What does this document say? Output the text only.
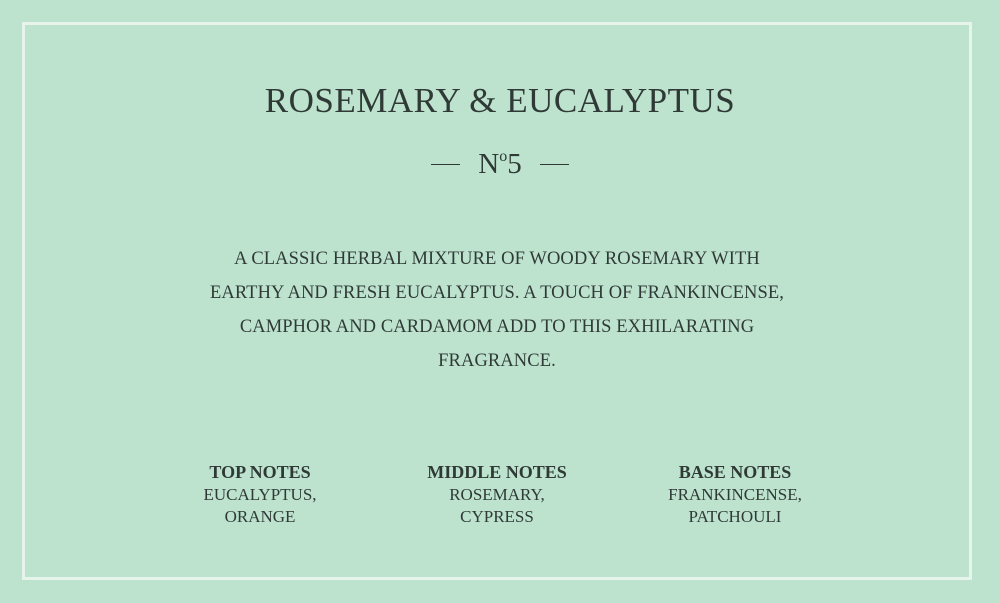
ROSEMARY & EUCALYPTUS
$N^o5$
A CLASSIC HERBAL MIXTURE OF WOODY ROSEMARY WITH
EARTHY AND FRESH EUCALYPTUS. A TOUCH OF FRANKINCENSE,
CAMPHOR AND CARDAMOM ADD TO THIS EXHILARATING
FRAGRANCE.
TOP NOTES
EUCALYPTUS,
ORANGE
MIDDLE NOTES
ROSEMARY,
CYPRESS
BASE NOTES
FRANKINCENSE,
PATCHOULI
